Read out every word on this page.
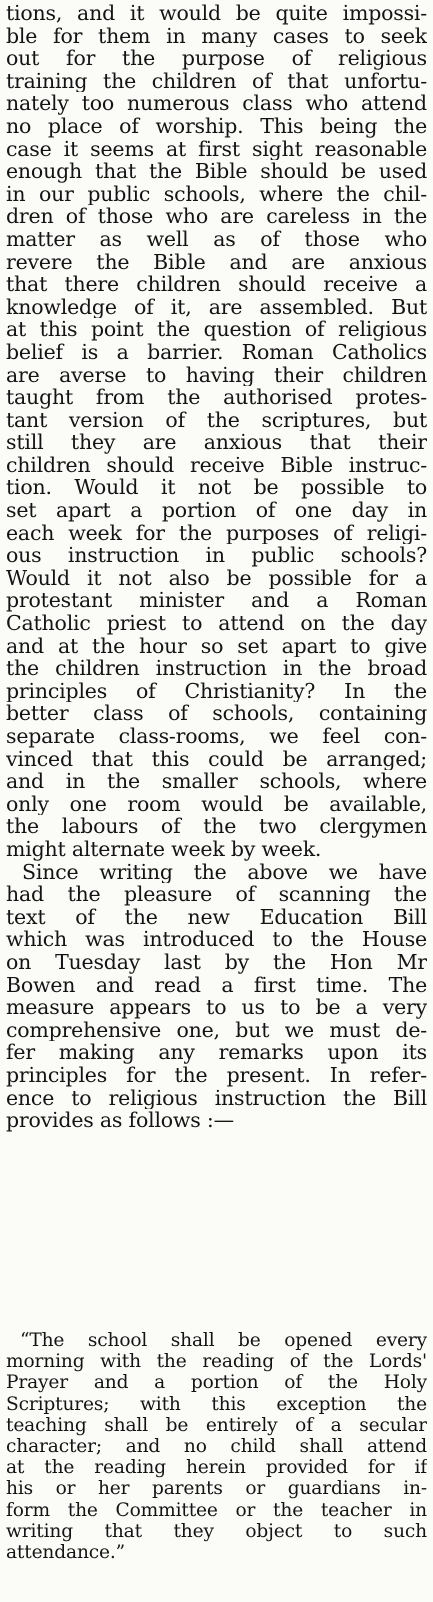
tions, and it would be quite impossi-
ble for them in many cases to seek
out for the purpose of religious
training the children of that unfortu-
nately too numerous class who attend
no place of worship. This being the
case it seems at first sight reasonable
enough that the Bible should be used
in our public schools, where the chil-
dren of those who are careless in the
matter as well as of those who
revere the Bible and are anxious
that there children should receive a
knowledge of it, are assembled. But
at this point the question of religious
belief is a barrier. Roman Catholics
are averse to having their children
taught from the authorised protes-
tant version of the scriptures, but
still they are anxious that their
children should receive Bible instruc-
tion. Would it not be possible to
set apart a portion of one day in
each week for the purposes of religi-
ous instruction in public schools?
Would it not also be possible for a
protestant minister and a Roman
Catholic priest to attend on the day
and at the hour so set apart to give
the children instruction in the broad
principles of Christianity? In the
better class of schools, containing
separate class-rooms, we feel con-
vinced that this could be arranged;
and in the smaller schools, where
only one room would be available,
the labours of the two clergymen
might alternate week by week.
Since writing the above we have
had the pleasure of scanning the
text of the new Education Bill
which was introduced to the House
on Tuesday last by the Hon Mr
Bowen and read a first time. The
measure appears to us to be a very
comprehensive one, but we must de-
fer making any remarks upon its
principles for the present. In refer-
ence to religious instruction the Bill
provides as follows :—
“The school shall be opened every
morning with the reading of the Lords'
Prayer and a portion of the Holy
Scriptures; with this exception the
teaching shall be entirely of a secular
character; and no child shall attend
at the reading herein provided for if
his or her parents or guardians in-
form the Committee or the teacher in
writing that they object to such
attendance.”
